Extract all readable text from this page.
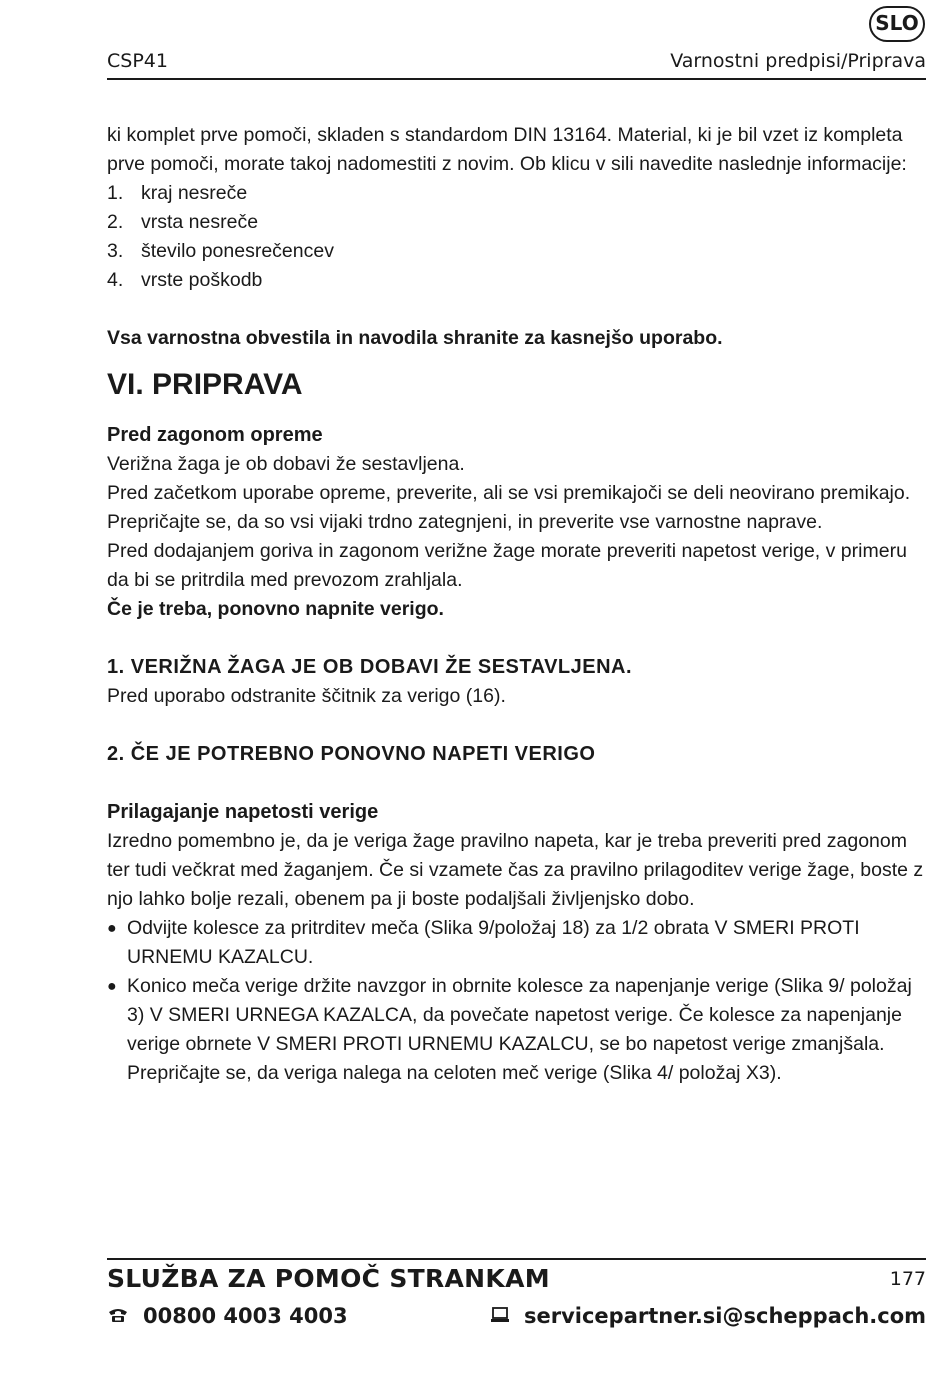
SLO
CSP41	Varnostni predpisi/Priprava

ki komplet prve pomoči, skladen s standardom DIN 13164. Material, ki je bil vzet iz kompleta prve pomoči, morate takoj nadomestiti z novim. Ob klicu v sili navedite naslednje informacije:

1. kraj nesreče
2. vrsta nesreče
3. število ponesrečencev
4. vrste poškodb

Vsa varnostna obvestila in navodila shranite za kasnejšo uporabo.

VI. PRIPRAVA

Pred zagonom opreme

Verižna žaga je ob dobavi že sestavljena.

Pred začetkom uporabe opreme, preverite, ali se vsi premikajoči se deli neovirano premikajo. Prepričajte se, da so vsi vijaki trdno zategnjeni, in preverite vse varnostne naprave.

Pred dodajanjem goriva in zagonom verižne žage morate preveriti napetost verige, v primeru da bi se pritrdila med prevozom zrahljala.

Če je treba, ponovno napnite verigo.

1. VERIŽNA ŽAGA JE OB DOBAVI ŽE SESTAVLJENA.

Pred uporabo odstranite ščitnik za verigo (16).

2. ČE JE POTREBNO PONOVNO NAPETI VERIGO

Prilagajanje napetosti verige

Izredno pomembno je, da je veriga žage pravilno napeta, kar je treba preveriti pred zagonom ter tudi večkrat med žaganjem. Če si vzamete čas za pravilno prilagoditev verige žage, boste z njo lahko bolje rezali, obenem pa ji boste podaljšali življenjsko dobo.

● Odvijte kolesce za pritrditev meča (Slika 9/položaj 18) za 1/2 obrata V SMERI PROTI URNEMU KAZALCU.
● Konico meča verige držite navzgor in obrnite kolesce za napenjanje verige (Slika 9/ položaj 3) V SMERI URNEGA KAZALCA, da povečate napetost verige. Če kolesce za napenjanje verige obrnete V SMERI PROTI URNEMU KAZALCU, se bo napetost verige zmanjšala. Prepričajte se, da veriga nalega na celoten meč verige (Slika 4/ položaj X3).
SLUŽBA ZA POMOČ STRANKAM	177
00800 4003 4003	servicepartner.si@scheppach.com
